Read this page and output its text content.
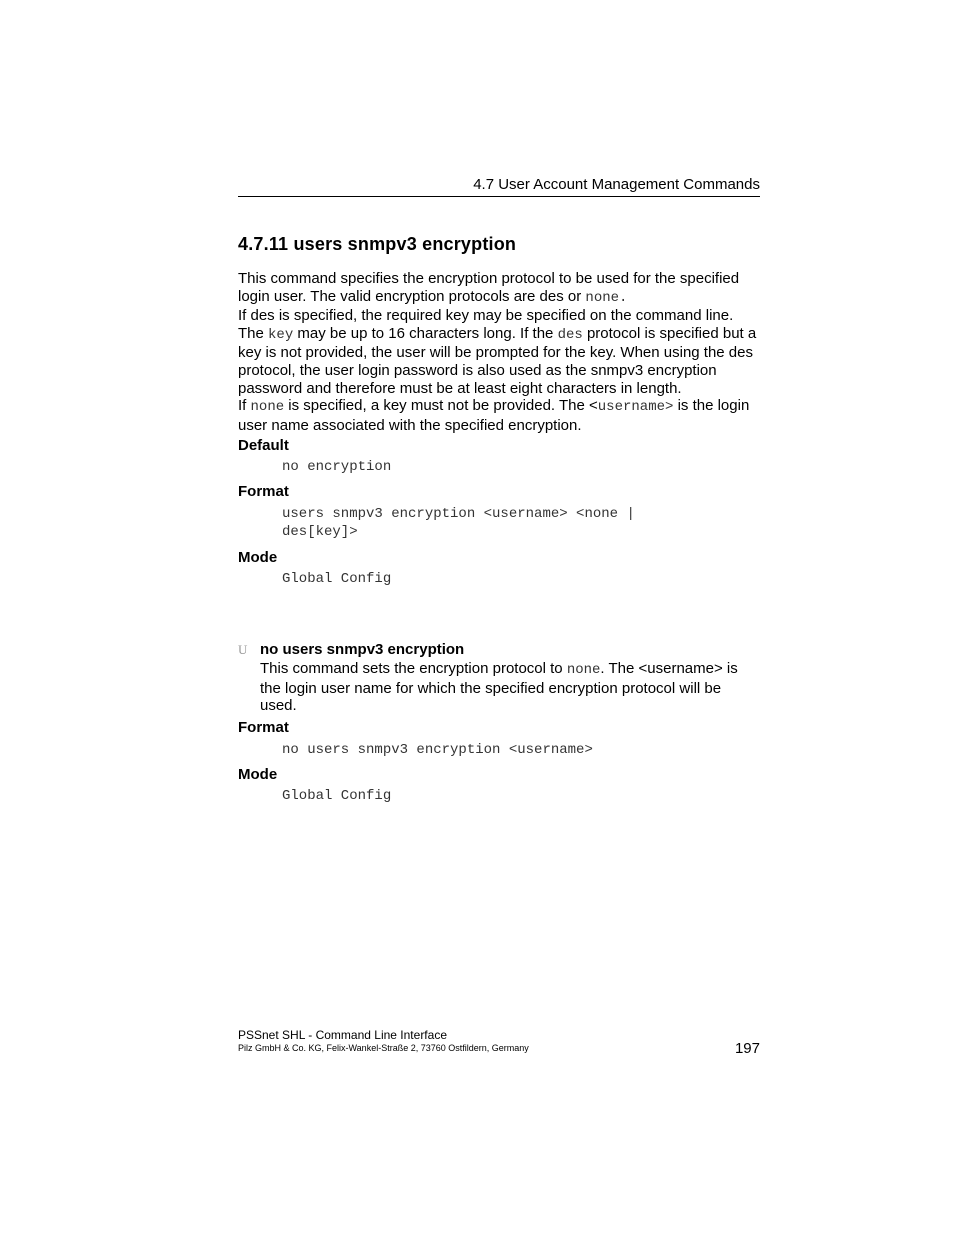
4.7 User Account Management Commands
4.7.11 users snmpv3 encryption

This command specifies the encryption protocol to be used for the specified login user. The valid encryption protocols are des or none.

If des is specified, the required key may be specified on the command line. The key may be up to 16 characters long. If the des protocol is specified but a key is not provided, the user will be prompted for the key. When using the des protocol, the user login password is also used as the snmpv3 encryption password and therefore must be at least eight characters in length.

If none is specified, a key must not be provided. The <username> is the login user name associated with the specified encryption.

Default
no encryption
Format
users snmpv3 encryption <username> <none |
des[key]>
Mode
Global Config
U no users snmpv3 encryption

This command sets the encryption protocol to none. The <username> is the login user name for which the specified encryption protocol will be used.

Format
no users snmpv3 encryption <username>
Mode
Global Config
PSSnet SHL - Command Line Interface
Pilz GmbH & Co. KG, Felix-Wankel-Straße 2, 73760 Ostfildern, Germany	197
